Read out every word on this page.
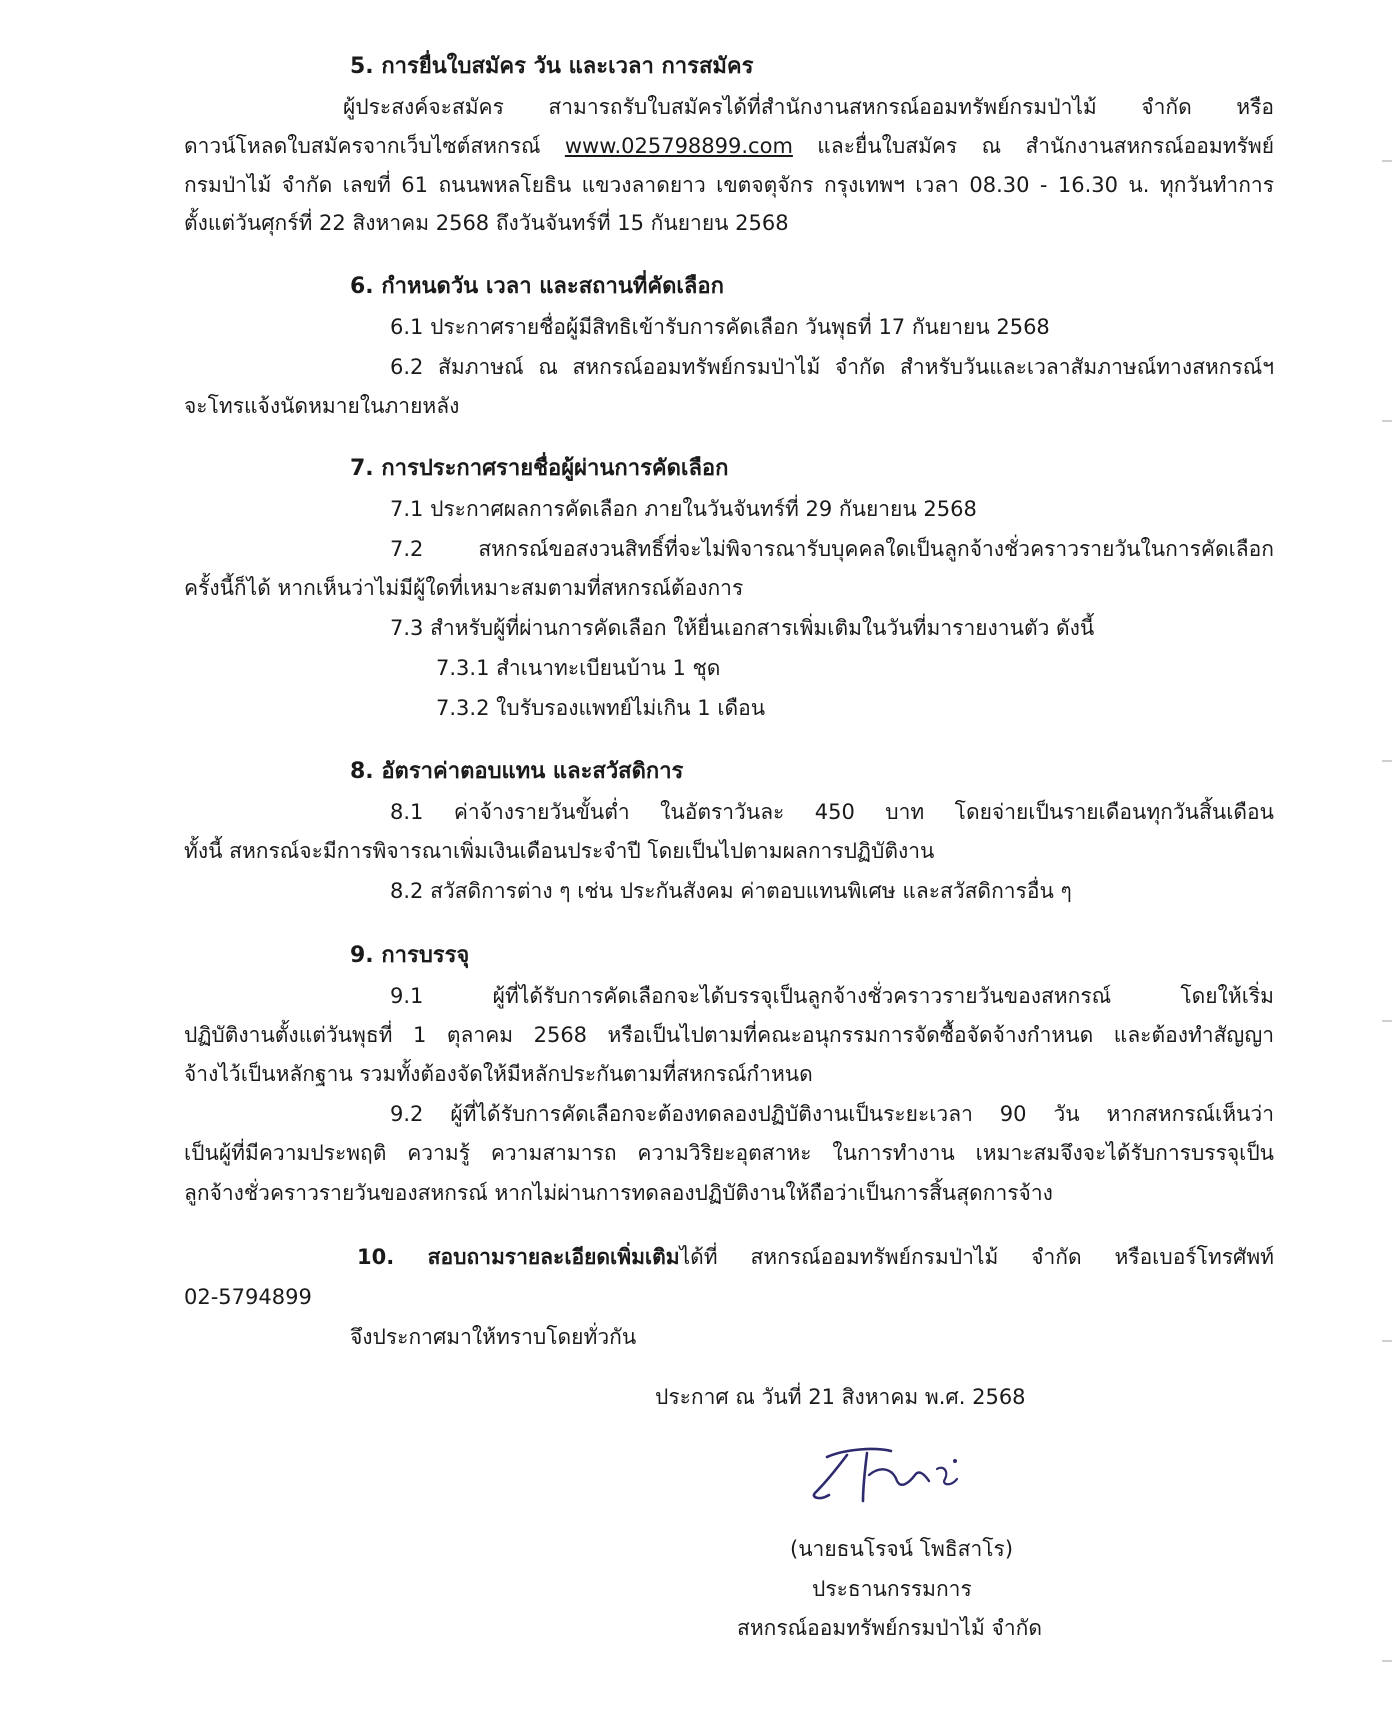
5. การยื่นใบสมัคร วัน และเวลา การสมัคร
ผู้ประสงค์จะสมัคร สามารถรับใบสมัครได้ที่สำนักงานสหกรณ์ออมทรัพย์กรมป่าไม้ จำกัด หรือ
ดาวน์โหลดใบสมัครจากเว็บไซต์สหกรณ์ www.025798899.com และยื่นใบสมัคร ณ สำนักงานสหกรณ์ออมทรัพย์
กรมป่าไม้ จำกัด เลขที่ 61 ถนนพหลโยธิน แขวงลาดยาว เขตจตุจักร กรุงเทพฯ เวลา 08.30 - 16.30 น. ทุกวันทำการ
ตั้งแต่วันศุกร์ที่ 22 สิงหาคม 2568 ถึงวันจันทร์ที่ 15 กันยายน 2568
6. กำหนดวัน เวลา และสถานที่คัดเลือก
6.1 ประกาศรายชื่อผู้มีสิทธิเข้ารับการคัดเลือก วันพุธที่ 17 กันยายน 2568
6.2 สัมภาษณ์ ณ สหกรณ์ออมทรัพย์กรมป่าไม้ จำกัด สำหรับวันและเวลาสัมภาษณ์ทางสหกรณ์ฯ
จะโทรแจ้งนัดหมายในภายหลัง
7. การประกาศรายชื่อผู้ผ่านการคัดเลือก
7.1 ประกาศผลการคัดเลือก ภายในวันจันทร์ที่ 29 กันยายน 2568
7.2 สหกรณ์ขอสงวนสิทธิ์ที่จะไม่พิจารณารับบุคคลใดเป็นลูกจ้างชั่วคราวรายวันในการคัดเลือก
ครั้งนี้ก็ได้ หากเห็นว่าไม่มีผู้ใดที่เหมาะสมตามที่สหกรณ์ต้องการ
7.3 สำหรับผู้ที่ผ่านการคัดเลือก ให้ยื่นเอกสารเพิ่มเติมในวันที่มารายงานตัว ดังนี้
7.3.1 สำเนาทะเบียนบ้าน 1 ชุด
7.3.2 ใบรับรองแพทย์ไม่เกิน 1 เดือน
8. อัตราค่าตอบแทน และสวัสดิการ
8.1 ค่าจ้างรายวันขั้นต่ำ ในอัตราวันละ 450 บาท โดยจ่ายเป็นรายเดือนทุกวันสิ้นเดือน
ทั้งนี้ สหกรณ์จะมีการพิจารณาเพิ่มเงินเดือนประจำปี โดยเป็นไปตามผลการปฏิบัติงาน
8.2 สวัสดิการต่าง ๆ เช่น ประกันสังคม ค่าตอบแทนพิเศษ และสวัสดิการอื่น ๆ
9. การบรรจุ
9.1 ผู้ที่ได้รับการคัดเลือกจะได้บรรจุเป็นลูกจ้างชั่วคราวรายวันของสหกรณ์ โดยให้เริ่ม
ปฏิบัติงานตั้งแต่วันพุธที่ 1 ตุลาคม 2568 หรือเป็นไปตามที่คณะอนุกรรมการจัดซื้อจัดจ้างกำหนด และต้องทำสัญญา
จ้างไว้เป็นหลักฐาน รวมทั้งต้องจัดให้มีหลักประกันตามที่สหกรณ์กำหนด
9.2 ผู้ที่ได้รับการคัดเลือกจะต้องทดลองปฏิบัติงานเป็นระยะเวลา 90 วัน หากสหกรณ์เห็นว่า
เป็นผู้ที่มีความประพฤติ ความรู้ ความสามารถ ความวิริยะอุตสาหะ ในการทำงาน เหมาะสมจึงจะได้รับการบรรจุเป็น
ลูกจ้างชั่วคราวรายวันของสหกรณ์ หากไม่ผ่านการทดลองปฏิบัติงานให้ถือว่าเป็นการสิ้นสุดการจ้าง
10. สอบถามรายละเอียดเพิ่มเติมได้ที่ สหกรณ์ออมทรัพย์กรมป่าไม้ จำกัด หรือเบอร์โทรศัพท์
02-5794899
จึงประกาศมาให้ทราบโดยทั่วกัน
ประกาศ ณ วันที่ 21 สิงหาคม พ.ศ. 2568
(นายธนโรจน์ โพธิสาโร)
ประธานกรรมการ
สหกรณ์ออมทรัพย์กรมป่าไม้ จำกัด
